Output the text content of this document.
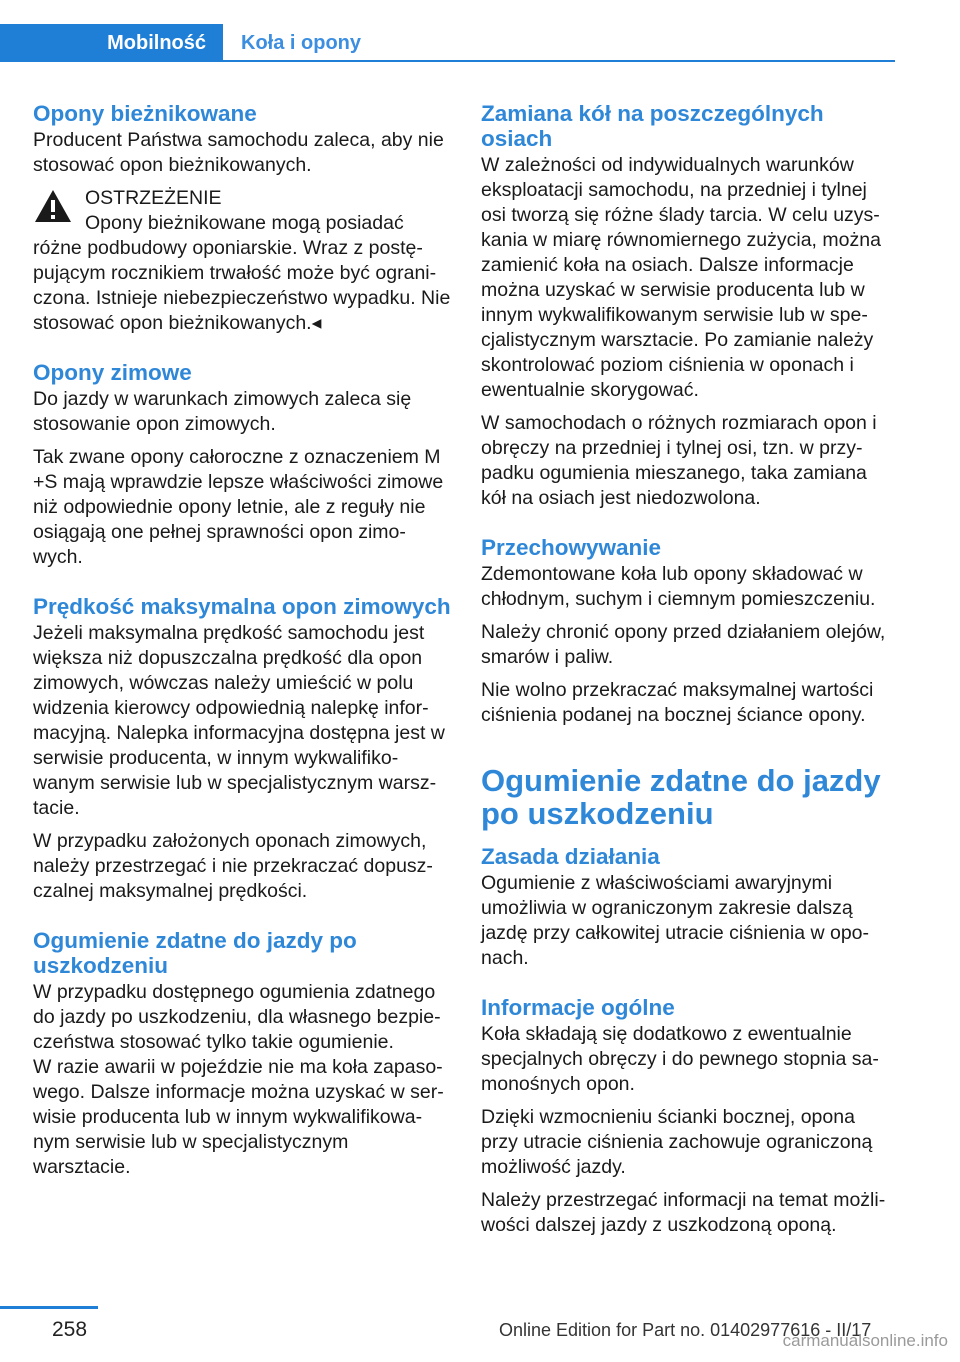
Mobilność	Koła i opony
Opony bieżnikowane

Producent Państwa samochodu zaleca, aby nie stosować opon bieżnikowanych.

OSTRZEŻENIE

Opony bieżnikowane mogą posiadać

różne podbudowy oponiarskie. Wraz z postę‐pującym rocznikiem trwałość może być ograni‐czona. Istnieje niebezpieczeństwo wypadku. Nie stosować opon bieżnikowanych.◂

Opony zimowe

Do jazdy w warunkach zimowych zaleca się stosowanie opon zimowych.

Tak zwane opony całoroczne z oznaczeniem M +S mają wprawdzie lepsze właściwości zimowe niż odpowiednie opony letnie, ale z reguły nie osiągają one pełnej sprawności opon zimo‐wych.

Prędkość maksymalna opon zimowych

Jeżeli maksymalna prędkość samochodu jest większa niż dopuszczalna prędkość dla opon zimowych, wówczas należy umieścić w polu widzenia kierowcy odpowiednią nalepkę infor‐macyjną. Nalepka informacyjna dostępna jest w serwisie producenta, w innym wykwalifiko‐wanym serwisie lub w specjalistycznym warsz‐tacie.

W przypadku założonych oponach zimowych, należy przestrzegać i nie przekraczać dopusz‐czalnej maksymalnej prędkości.

Ogumienie zdatne do jazdy po uszkodzeniu

W przypadku dostępnego ogumienia zdatnego do jazdy po uszkodzeniu, dla własnego bezpie‐czeństwa stosować tylko takie ogumienie.

W razie awarii w pojeździe nie ma koła zapaso‐wego. Dalsze informacje można uzyskać w ser‐wisie producenta lub w innym wykwalifikowa‐nym serwisie lub w specjalistycznym warsztacie.

Zamiana kół na poszczególnych osiach

W zależności od indywidualnych warunków eksploatacji samochodu, na przedniej i tylnej osi tworzą się różne ślady tarcia. W celu uzys‐kania w miarę równomiernego zużycia, można zamienić koła na osiach. Dalsze informacje można uzyskać w serwisie producenta lub w innym wykwalifikowanym serwisie lub w spe‐cjalistycznym warsztacie. Po zamianie należy skontrolować poziom ciśnienia w oponach i ewentualnie skorygować.

W samochodach o różnych rozmiarach opon i obręczy na przedniej i tylnej osi, tzn. w przy‐padku ogumienia mieszanego, taka zamiana kół na osiach jest niedozwolona.

Przechowywanie

Zdemontowane koła lub opony składować w chłodnym, suchym i ciemnym pomieszczeniu.

Należy chronić opony przed działaniem olejów, smarów i paliw.

Nie wolno przekraczać maksymalnej wartości ciśnienia podanej na bocznej ściance opony.

Ogumienie zdatne do jazdy po uszkodzeniu
Zasada działania

Ogumienie z właściwościami awaryjnymi umożliwia w ograniczonym zakresie dalszą jazdę przy całkowitej utracie ciśnienia w opo‐nach.

Informacje ogólne

Koła składają się dodatkowo z ewentualnie specjalnych obręczy i do pewnego stopnia sa‐monośnych opon.

Dzięki wzmocnieniu ścianki bocznej, opona przy utracie ciśnienia zachowuje ograniczoną możliwość jazdy.

Należy przestrzegać informacji na temat możli‐wości dalszej jazdy z uszkodzoną oponą.

258	Online Edition for Part no. 01402977616 - II/17
carmanualsonline.info
